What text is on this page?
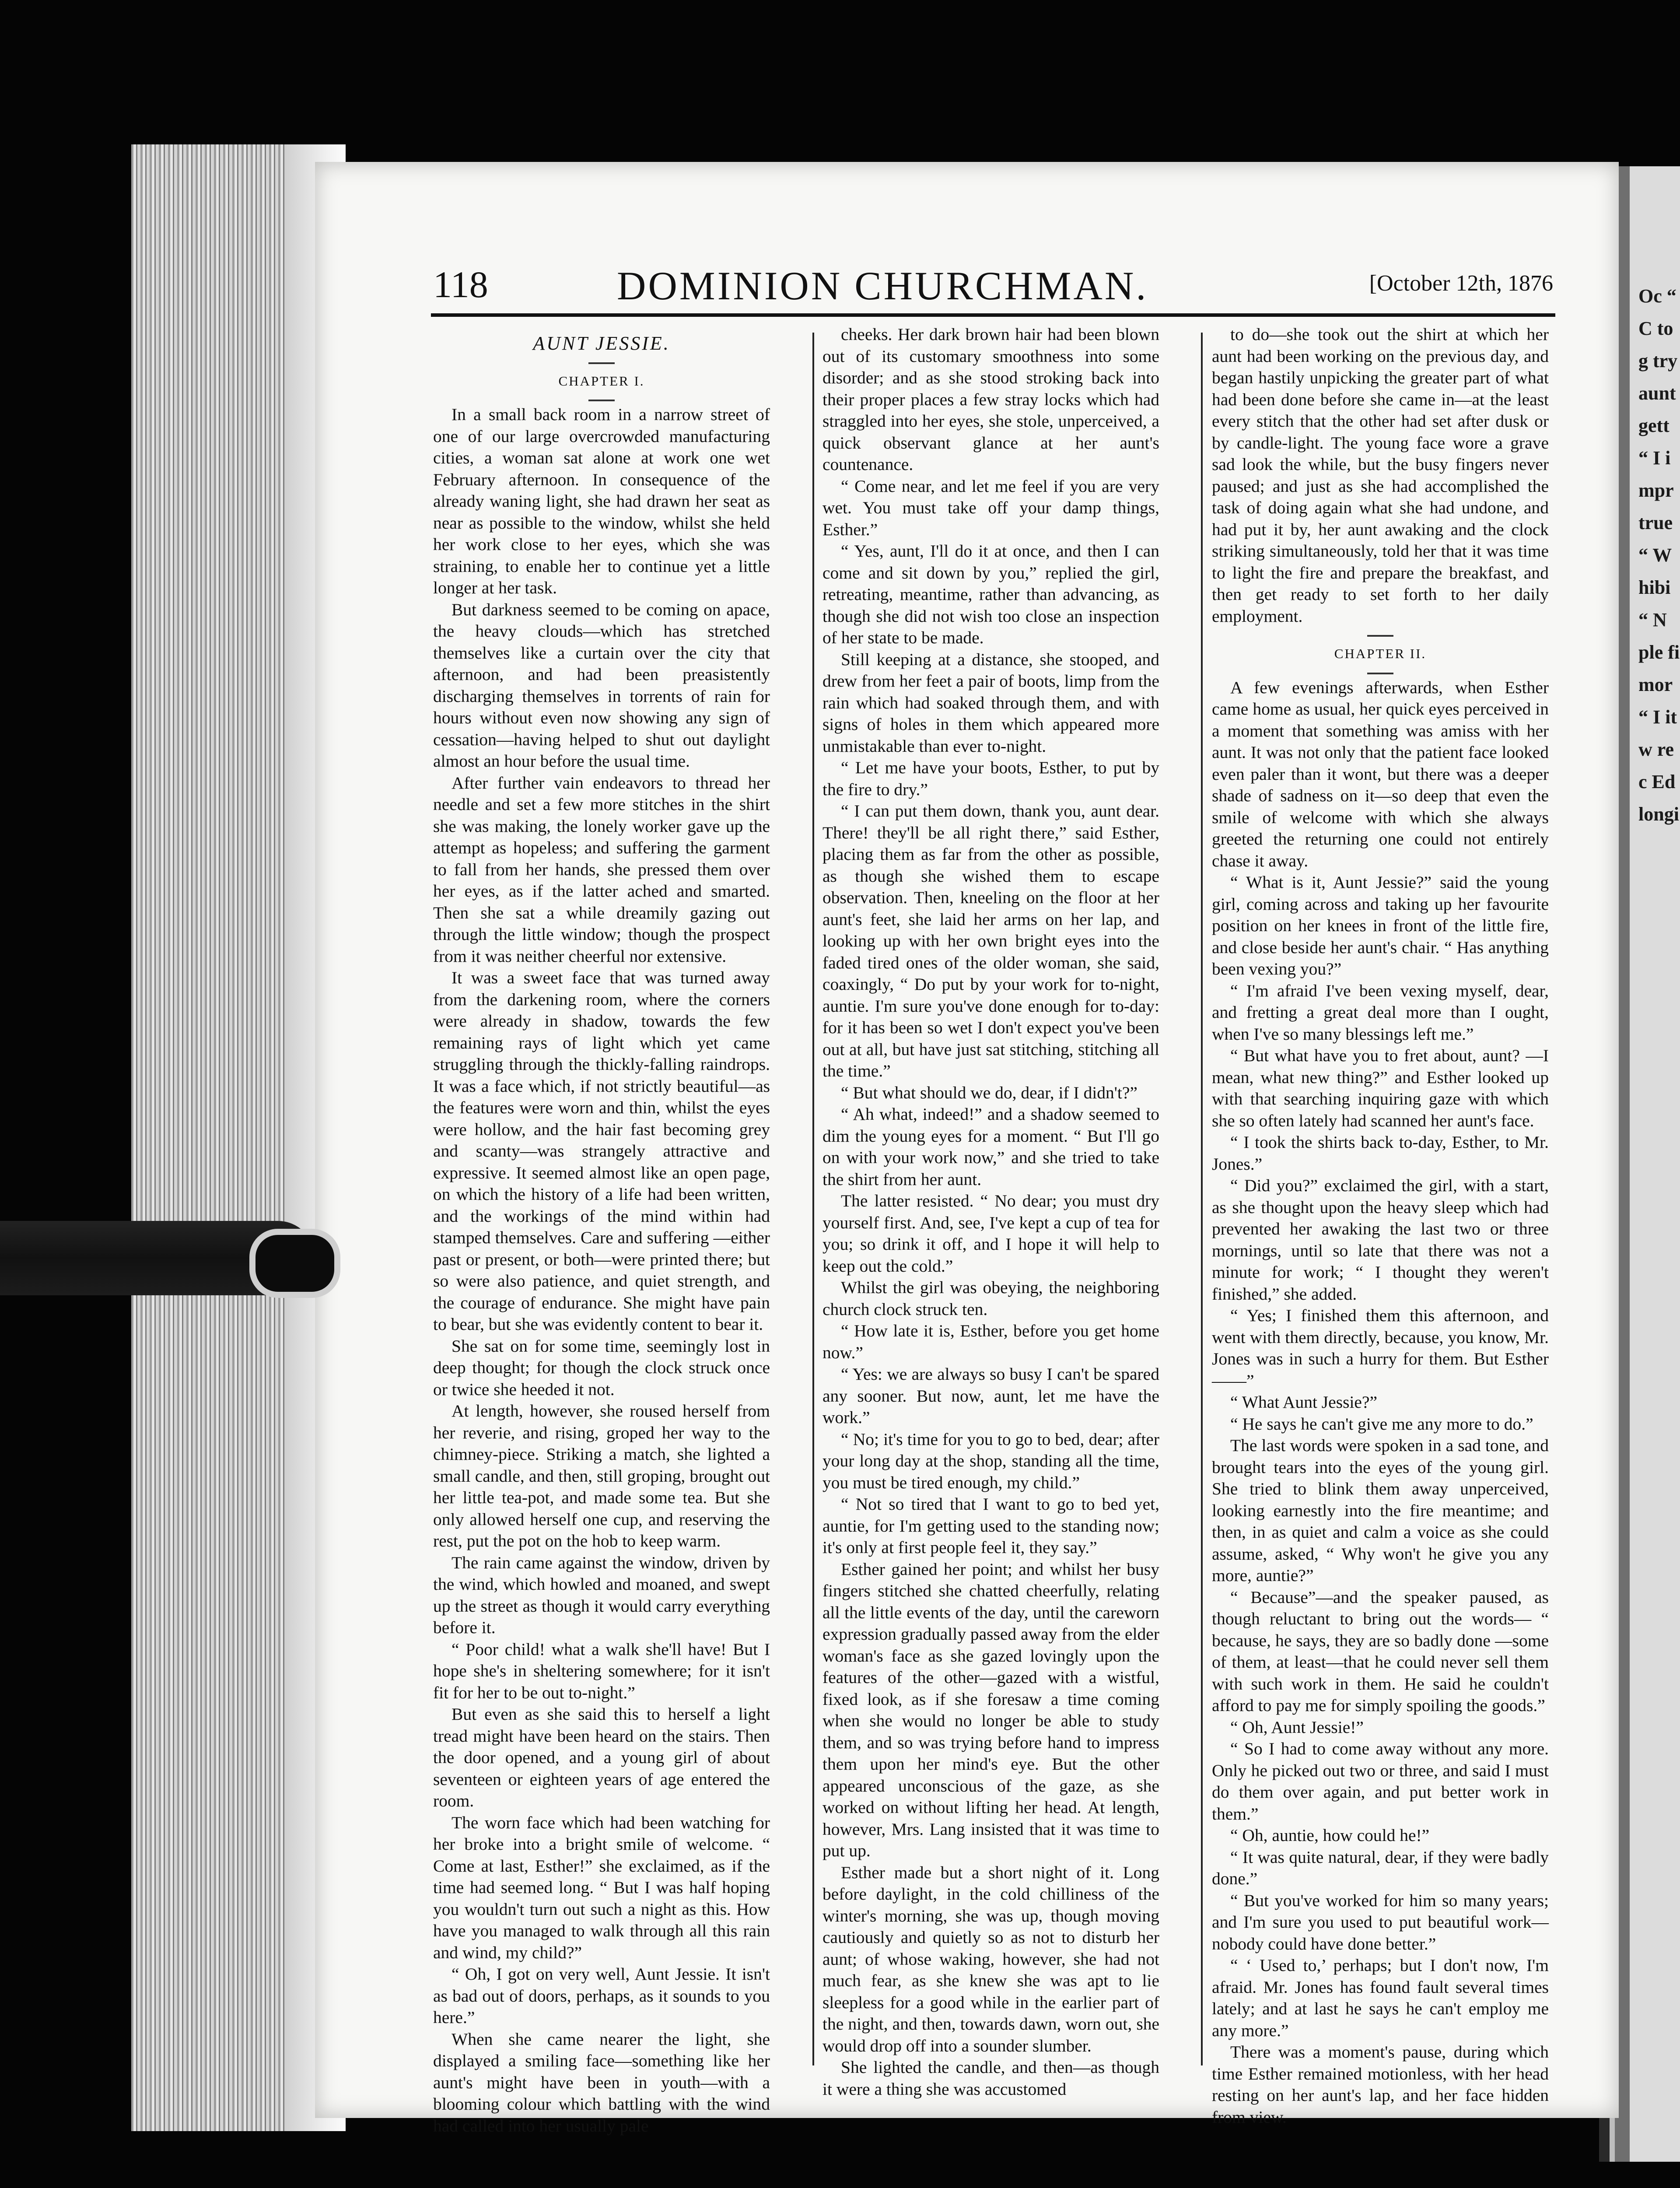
Oc “ C tog try aunt gett “ I impr true “ W hibi “ N ple fi mor “ I it w rec Ed longi
118	DOMINION CHURCHMAN.	[October 12th, 1876

AUNT JESSIE.

CHAPTER I.

In a small back room in a narrow street of one of our large overcrowded manufacturing cities, a woman sat alone at work one wet February afternoon. In consequence of the already waning light, she had drawn her seat as near as possible to the window, whilst she held her work close to her eyes, which she was straining, to enable her to continue yet a little longer at her task.

But darkness seemed to be coming on apace, the heavy clouds—which has stretched themselves like a curtain over the city that afternoon, and had been preasistently discharging themselves in torrents of rain for hours without even now showing any sign of cessation—having helped to shut out daylight almost an hour before the usual time.

After further vain endeavors to thread her needle and set a few more stitches in the shirt she was making, the lonely worker gave up the attempt as hopeless; and suffering the garment to fall from her hands, she pressed them over her eyes, as if the latter ached and smarted. Then she sat a while dreamily gazing out through the little window; though the prospect from it was neither cheerful nor extensive.

It was a sweet face that was turned away from the darkening room, where the corners were already in shadow, towards the few remaining rays of light which yet came struggling through the thickly-falling raindrops. It was a face which, if not strictly beautiful—as the features were worn and thin, whilst the eyes were hollow, and the hair fast becoming grey and scanty—was strangely attractive and expressive. It seemed almost like an open page, on which the history of a life had been written, and the workings of the mind within had stamped themselves. Care and suffering —either past or present, or both—were printed there; but so were also patience, and quiet strength, and the courage of endurance. She might have pain to bear, but she was evidently content to bear it.

She sat on for some time, seemingly lost in deep thought; for though the clock struck once or twice she heeded it not.

At length, however, she roused herself from her reverie, and rising, groped her way to the chimney-piece. Striking a match, she lighted a small candle, and then, still groping, brought out her little tea-pot, and made some tea. But she only allowed herself one cup, and reserving the rest, put the pot on the hob to keep warm.

The rain came against the window, driven by the wind, which howled and moaned, and swept up the street as though it would carry everything before it.

“ Poor child! what a walk she'll have! But I hope she's in sheltering somewhere; for it isn't fit for her to be out to-night.”

But even as she said this to herself a light tread might have been heard on the stairs. Then the door opened, and a young girl of about seventeen or eighteen years of age entered the room.

The worn face which had been watching for her broke into a bright smile of welcome. “ Come at last, Esther!” she exclaimed, as if the time had seemed long. “ But I was half hoping you wouldn't turn out such a night as this. How have you managed to walk through all this rain and wind, my child?”

“ Oh, I got on very well, Aunt Jessie. It isn't as bad out of doors, perhaps, as it sounds to you here.”

When she came nearer the light, she displayed a smiling face—something like her aunt's might have been in youth—with a blooming colour which battling with the wind had called into her usually pale

cheeks. Her dark brown hair had been blown out of its customary smoothness into some disorder; and as she stood stroking back into their proper places a few stray locks which had straggled into her eyes, she stole, unperceived, a quick observant glance at her aunt's countenance.

“ Come near, and let me feel if you are very wet. You must take off your damp things, Esther.”

“ Yes, aunt, I'll do it at once, and then I can come and sit down by you,” replied the girl, retreating, meantime, rather than advancing, as though she did not wish too close an inspection of her state to be made.

Still keeping at a distance, she stooped, and drew from her feet a pair of boots, limp from the rain which had soaked through them, and with signs of holes in them which appeared more unmistakable than ever to-night.

“ Let me have your boots, Esther, to put by the fire to dry.”

“ I can put them down, thank you, aunt dear. There! they'll be all right there,” said Esther, placing them as far from the other as possible, as though she wished them to escape observation. Then, kneeling on the floor at her aunt's feet, she laid her arms on her lap, and looking up with her own bright eyes into the faded tired ones of the older woman, she said, coaxingly, “ Do put by your work for to-night, auntie. I'm sure you've done enough for to-day: for it has been so wet I don't expect you've been out at all, but have just sat stitching, stitching all the time.”

“ But what should we do, dear, if I didn't?”

“ Ah what, indeed!” and a shadow seemed to dim the young eyes for a moment. “ But I'll go on with your work now,” and she tried to take the shirt from her aunt.

The latter resisted. “ No dear; you must dry yourself first. And, see, I've kept a cup of tea for you; so drink it off, and I hope it will help to keep out the cold.”

Whilst the girl was obeying, the neighboring church clock struck ten.

“ How late it is, Esther, before you get home now.”

“ Yes: we are always so busy I can't be spared any sooner. But now, aunt, let me have the work.”

“ No; it's time for you to go to bed, dear; after your long day at the shop, standing all the time, you must be tired enough, my child.”

“ Not so tired that I want to go to bed yet, auntie, for I'm getting used to the standing now; it's only at first people feel it, they say.”

Esther gained her point; and whilst her busy fingers stitched she chatted cheerfully, relating all the little events of the day, until the careworn expression gradually passed away from the elder woman's face as she gazed lovingly upon the features of the other—gazed with a wistful, fixed look, as if she foresaw a time coming when she would no longer be able to study them, and so was trying before hand to impress them upon her mind's eye. But the other appeared unconscious of the gaze, as she worked on without lifting her head. At length, however, Mrs. Lang insisted that it was time to put up.

Esther made but a short night of it. Long before daylight, in the cold chilliness of the winter's morning, she was up, though moving cautiously and quietly so as not to disturb her aunt; of whose waking, however, she had not much fear, as she knew she was apt to lie sleepless for a good while in the earlier part of the night, and then, towards dawn, worn out, she would drop off into a sounder slumber.

She lighted the candle, and then—as though it were a thing she was accustomed

to do—she took out the shirt at which her aunt had been working on the previous day, and began hastily unpicking the greater part of what had been done before she came in—at the least every stitch that the other had set after dusk or by candle-light. The young face wore a grave sad look the while, but the busy fingers never paused; and just as she had accomplished the task of doing again what she had undone, and had put it by, her aunt awaking and the clock striking simultaneously, told her that it was time to light the fire and prepare the breakfast, and then get ready to set forth to her daily employment.

CHAPTER II.

A few evenings afterwards, when Esther came home as usual, her quick eyes perceived in a moment that something was amiss with her aunt. It was not only that the patient face looked even paler than it wont, but there was a deeper shade of sadness on it—so deep that even the smile of welcome with which she always greeted the returning one could not entirely chase it away.

“ What is it, Aunt Jessie?” said the young girl, coming across and taking up her favourite position on her knees in front of the little fire, and close beside her aunt's chair. “ Has anything been vexing you?”

“ I'm afraid I've been vexing myself, dear, and fretting a great deal more than I ought, when I've so many blessings left me.”

“ But what have you to fret about, aunt? —I mean, what new thing?” and Esther looked up with that searching inquiring gaze with which she so often lately had scanned her aunt's face.

“ I took the shirts back to-day, Esther, to Mr. Jones.”

“ Did you?” exclaimed the girl, with a start, as she thought upon the heavy sleep which had prevented her awaking the last two or three mornings, until so late that there was not a minute for work; “ I thought they weren't finished,” she added.

“ Yes; I finished them this afternoon, and went with them directly, because, you know, Mr. Jones was in such a hurry for them. But Esther——”

“ What Aunt Jessie?”

“ He says he can't give me any more to do.”

The last words were spoken in a sad tone, and brought tears into the eyes of the young girl. She tried to blink them away unperceived, looking earnestly into the fire meantime; and then, in as quiet and calm a voice as she could assume, asked, “ Why won't he give you any more, auntie?”

“ Because”—and the speaker paused, as though reluctant to bring out the words— “ because, he says, they are so badly done —some of them, at least—that he could never sell them with such work in them. He said he couldn't afford to pay me for simply spoiling the goods.”

“ Oh, Aunt Jessie!”

“ So I had to come away without any more. Only he picked out two or three, and said I must do them over again, and put better work in them.”

“ Oh, auntie, how could he!”

“ It was quite natural, dear, if they were badly done.”

“ But you've worked for him so many years; and I'm sure you used to put beautiful work—nobody could have done better.”

“ ‘ Used to,’ perhaps; but I don't now, I'm afraid. Mr. Jones has found fault several times lately; and at last he says he can't employ me any more.”

There was a moment's pause, during which time Esther remained motionless, with her head resting on her aunt's lap, and her face hidden from view.
